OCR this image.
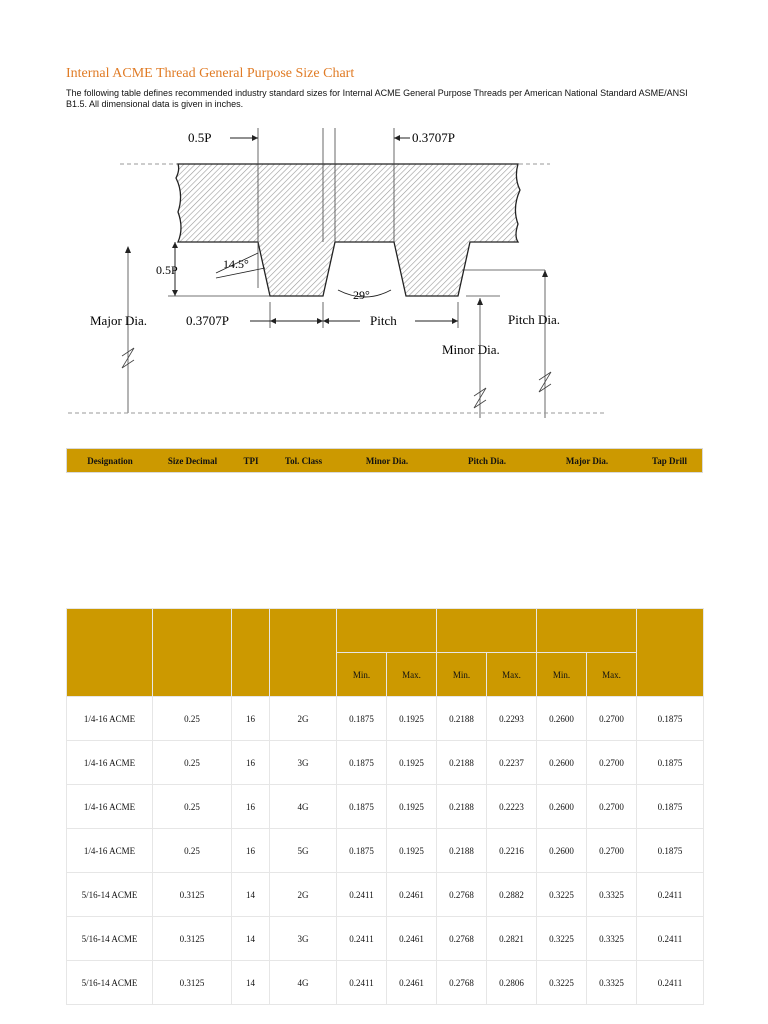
Internal ACME Thread General Purpose Size Chart
The following table defines recommended industry standard sizes for Internal ACME General Purpose Threads per American National Standard ASME/ANSI B1.5. All dimensional data is given in inches.
0.5P	0.3707P
0.5P	14.5°
29°
Major Dia.	0.3707P	Pitch	Pitch Dia.
Minor Dia.
Designation	Size Decimal	TPI	Tol. Class	Minor Dia.	Pitch Dia.	Major Dia.	Tap Drill

				Min.	Max.	Min.	Max.	Min.	Max.	
1/4-16 ACME	0.25	16	2G	0.1875	0.1925	0.2188	0.2293	0.2600	0.2700	0.1875
1/4-16 ACME	0.25	16	3G	0.1875	0.1925	0.2188	0.2237	0.2600	0.2700	0.1875
1/4-16 ACME	0.25	16	4G	0.1875	0.1925	0.2188	0.2223	0.2600	0.2700	0.1875
1/4-16 ACME	0.25	16	5G	0.1875	0.1925	0.2188	0.2216	0.2600	0.2700	0.1875
5/16-14 ACME	0.3125	14	2G	0.2411	0.2461	0.2768	0.2882	0.3225	0.3325	0.2411
5/16-14 ACME	0.3125	14	3G	0.2411	0.2461	0.2768	0.2821	0.3225	0.3325	0.2411
5/16-14 ACME	0.3125	14	4G	0.2411	0.2461	0.2768	0.2806	0.3225	0.3325	0.2411
